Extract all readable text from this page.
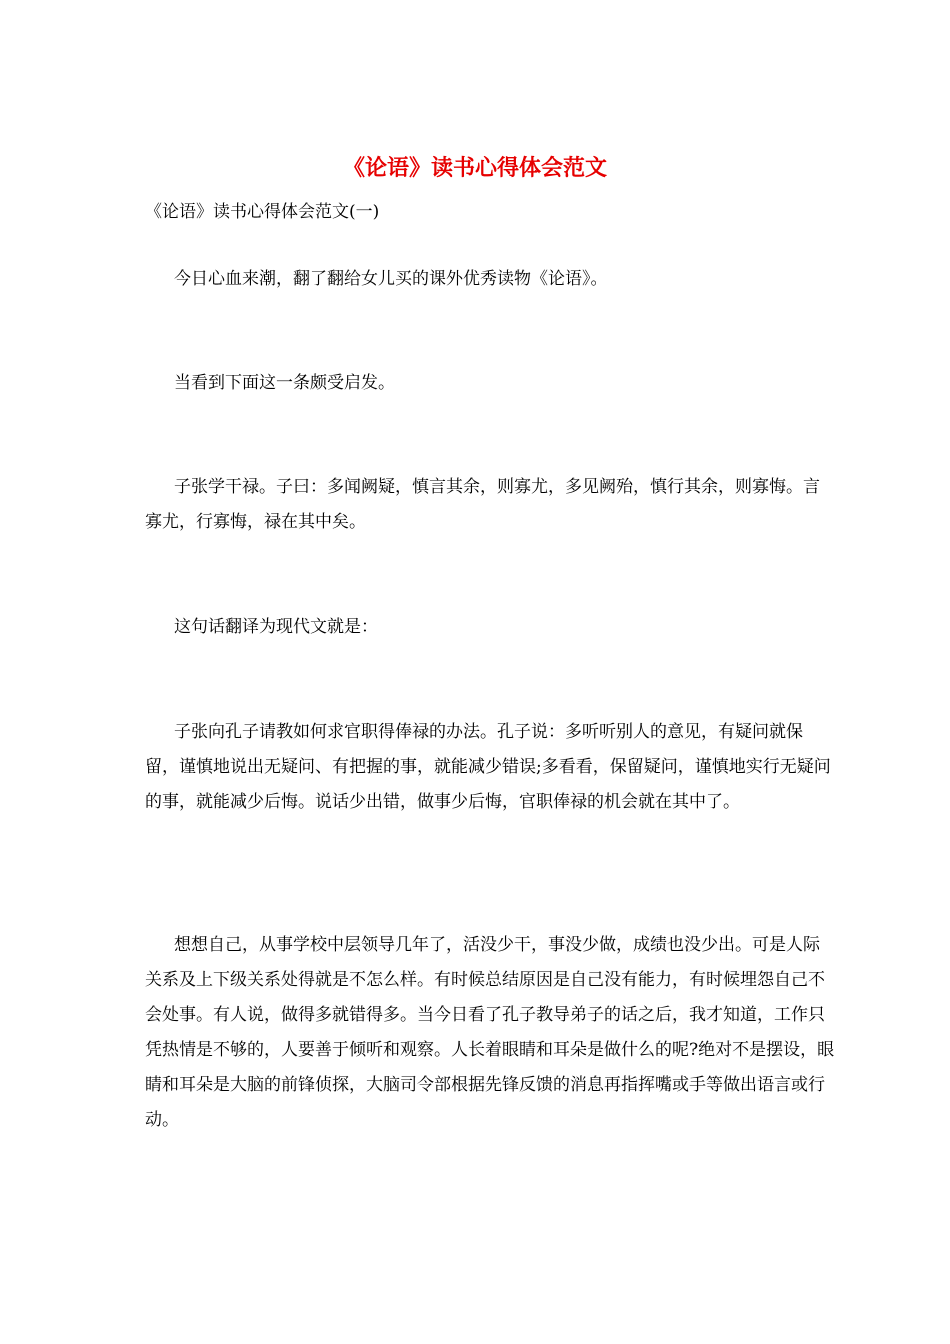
《论语》读书心得体会范文
《论语》读书心得体会范文(一)
今日心血来潮，翻了翻给女儿买的课外优秀读物《论语》。
当看到下面这一条颇受启发。
子张学干禄。子曰：多闻阙疑，慎言其余，则寡尤，多见阙殆，慎行其余，则寡悔。言寡尤，行寡悔，禄在其中矣。
这句话翻译为现代文就是：
子张向孔子请教如何求官职得俸禄的办法。孔子说：多听听别人的意见，有疑问就保留，谨慎地说出无疑问、有把握的事，就能减少错误;多看看，保留疑问，谨慎地实行无疑问的事，就能减少后悔。说话少出错，做事少后悔，官职俸禄的机会就在其中了。
想想自己，从事学校中层领导几年了，活没少干，事没少做，成绩也没少出。可是人际关系及上下级关系处得就是不怎么样。有时候总结原因是自己没有能力，有时候埋怨自己不会处事。有人说，做得多就错得多。当今日看了孔子教导弟子的话之后，我才知道，工作只凭热情是不够的，人要善于倾听和观察。人长着眼睛和耳朵是做什么的呢?绝对不是摆设，眼睛和耳朵是大脑的前锋侦探，大脑司令部根据先锋反馈的消息再指挥嘴或手等做出语言或行动。
